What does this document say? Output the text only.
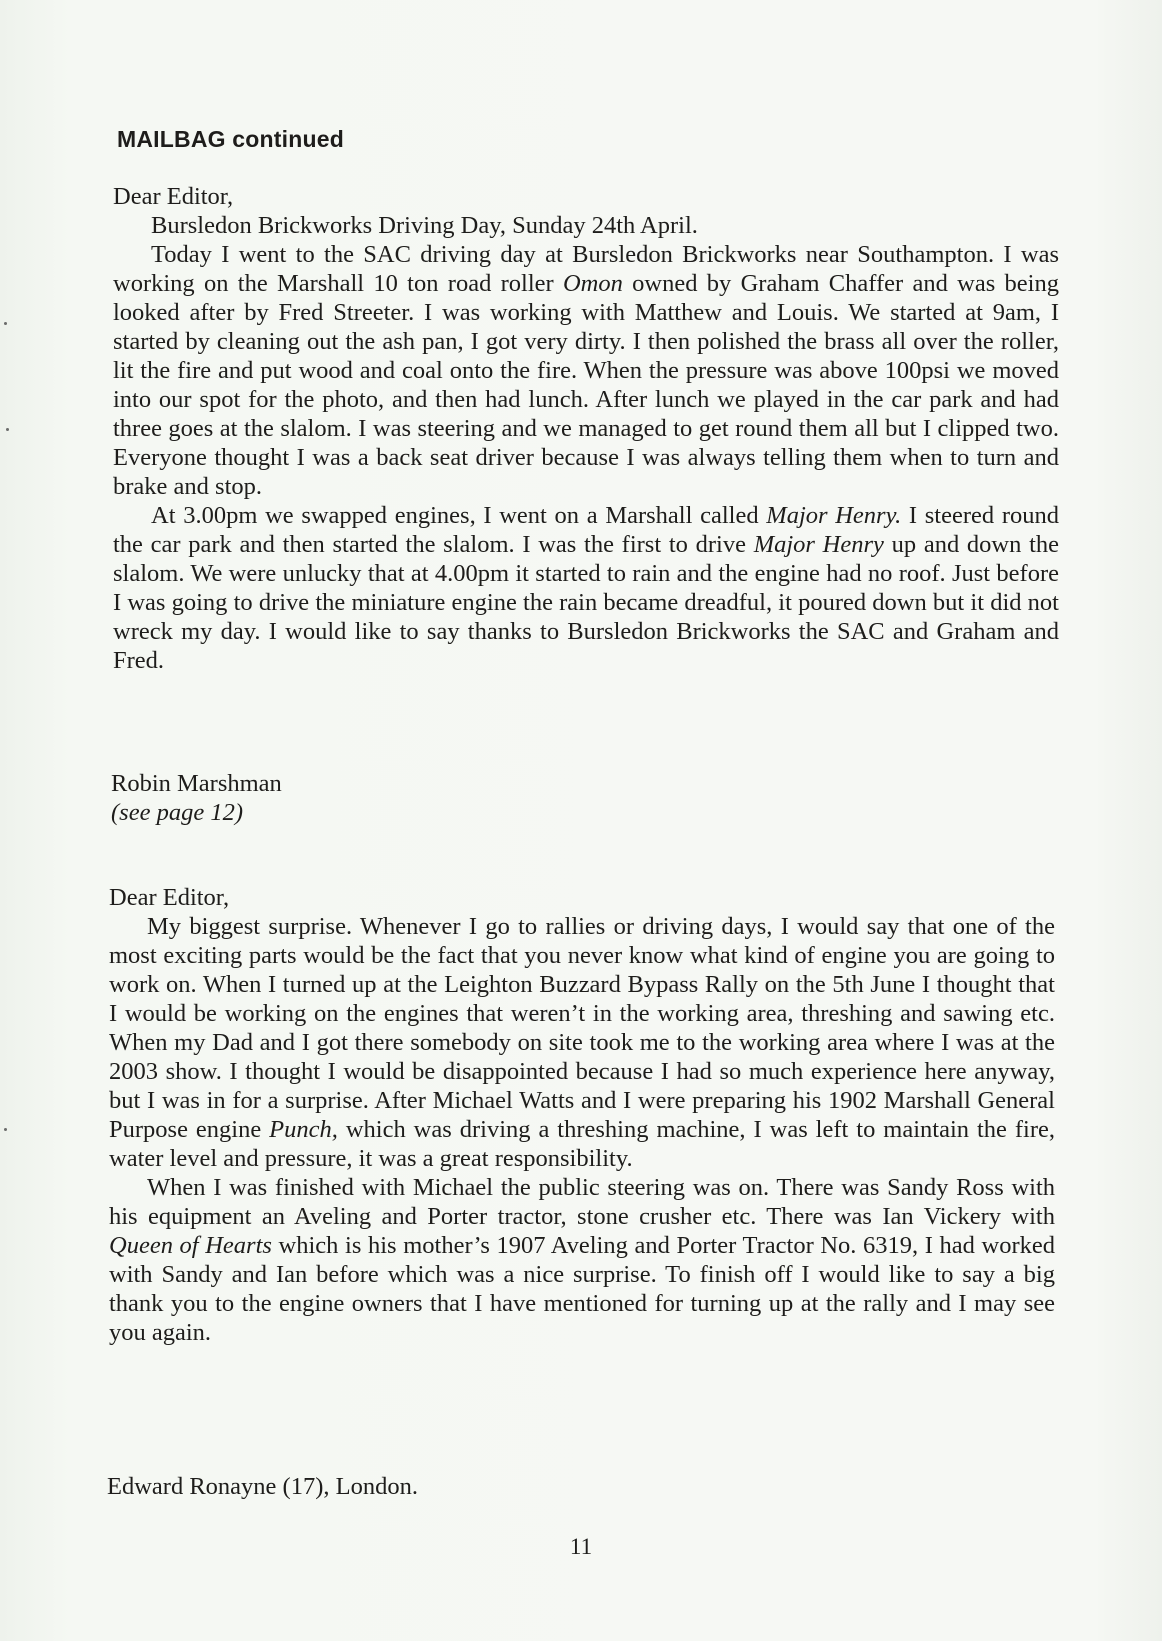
MAILBAG continued

Dear Editor,

Bursledon Brickworks Driving Day, Sunday 24th April.

Today I went to the SAC driving day at Bursledon Brickworks near Southampton. I was working on the Marshall 10 ton road roller Omon owned by Graham Chaffer and was being looked after by Fred Streeter. I was working with Matthew and Louis. We started at 9am, I started by cleaning out the ash pan, I got very dirty. I then polished the brass all over the roller, lit the fire and put wood and coal onto the fire. When the pressure was above 100psi we moved into our spot for the photo, and then had lunch. After lunch we played in the car park and had three goes at the slalom. I was steering and we managed to get round them all but I clipped two. Everyone thought I was a back seat driver because I was always telling them when to turn and brake and stop.

At 3.00pm we swapped engines, I went on a Marshall called Major Henry. I steered round the car park and then started the slalom. I was the first to drive Major Henry up and down the slalom. We were unlucky that at 4.00pm it started to rain and the engine had no roof. Just before I was going to drive the miniature engine the rain became dreadful, it poured down but it did not wreck my day. I would like to say thanks to Bursledon Brickworks the SAC and Graham and Fred.

Robin Marshman

(see page 12)

Dear Editor,

My biggest surprise. Whenever I go to rallies or driving days, I would say that one of the most exciting parts would be the fact that you never know what kind of engine you are going to work on. When I turned up at the Leighton Buzzard Bypass Rally on the 5th June I thought that I would be working on the engines that weren’t in the working area, threshing and sawing etc. When my Dad and I got there somebody on site took me to the working area where I was at the 2003 show. I thought I would be disappointed because I had so much experience here anyway, but I was in for a surprise. After Michael Watts and I were preparing his 1902 Marshall General Purpose engine Punch, which was driving a threshing machine, I was left to maintain the fire, water level and pressure, it was a great responsibility.

When I was finished with Michael the public steering was on. There was Sandy Ross with his equipment an Aveling and Porter tractor, stone crusher etc. There was Ian Vickery with Queen of Hearts which is his mother’s 1907 Aveling and Porter Tractor No. 6319, I had worked with Sandy and Ian before which was a nice surprise. To finish off I would like to say a big thank you to the engine owners that I have mentioned for turning up at the rally and I may see you again.

Edward Ronayne (17), London.

11
